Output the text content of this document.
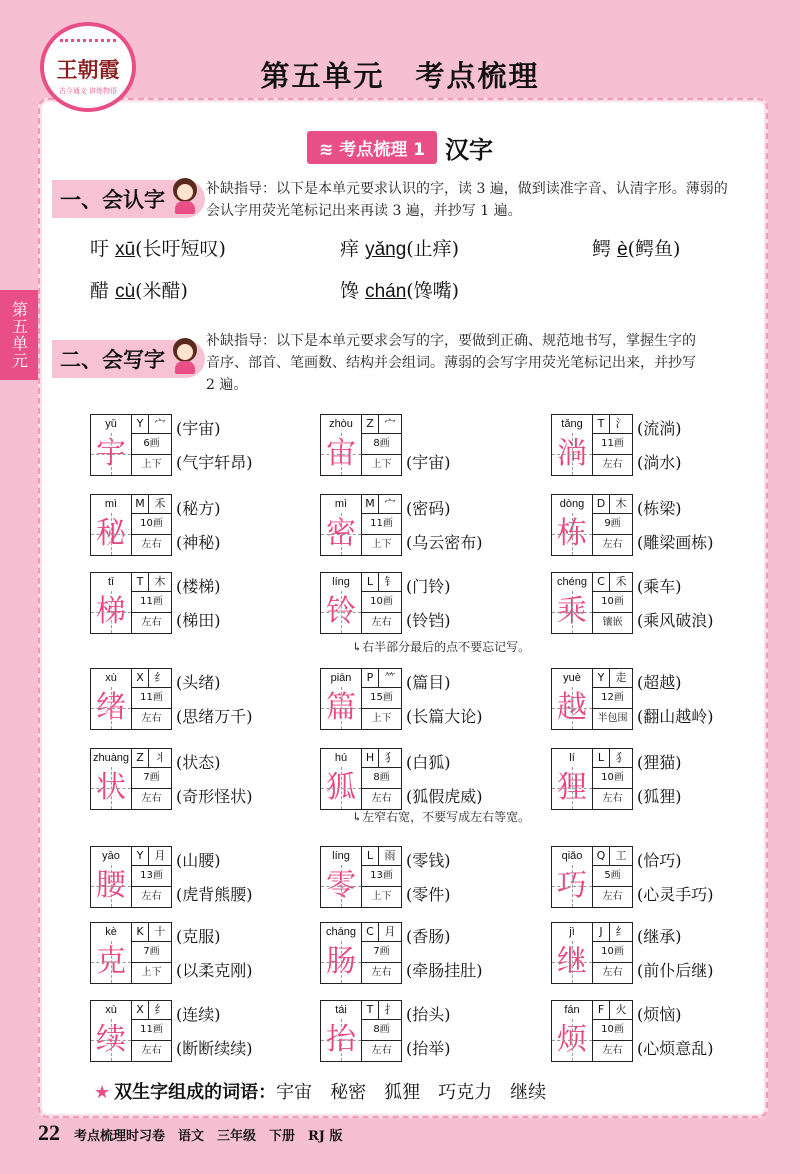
王朝霞
古今通义 讲练物语	第五单元　考点梳理
第五单元
≋ 考点梳理 1 汉字
一、会认字	补缺指导：以下是本单元要求认识的字，读 3 遍，做到读准字音、认清字形。薄弱的
会认字用荧光笔标记出来再读 3 遍，并抄写 1 遍。
吁 xū(长吁短叹)	痒 yǎng(止痒)	鳄 è(鳄鱼)
醋 cù(米醋)	馋 chán(馋嘴)
二、会写字
补缺指导：以下是本单元要求会写的字，要做到正确、规范地书写，掌握生字的
音序、部首、笔画数、结构并会组词。薄弱的会写字用荧光笔标记出来，并抄写
2 遍。
yǔ	Y	宀
宇	6画
上下
(宇宙)
(气宇轩昂)
zhòu	Z 宀
宙	8画
上下 (宇宙)
tǎng	T	氵
淌	11画
左右
(流淌)
(淌水)
mì	M 禾
秘	10画
左右
(秘方)
(神秘)
mì	M 宀
密	11画
上下
(密码)
(乌云密布)
dòng	D 木
栋	9画
左右
(栋梁)
(雕梁画栋)
tī	T	木
梯	11画
左右
(楼梯)
(梯田)
líng	L	钅
铃	10画
左右
(门铃)
(铃铛)
chéng C 禾
乘	10画
镶嵌
(乘车)
(乘风破浪)
xù	X 纟
绪	11画
左右
(头绪)
(思绪万千)
piān	P	⺮
篇	15画
上下
(篇目)
(长篇大论)
yuè	Y	走
越	12画
半包围
(超越)
(翻山越岭)
zhuàng Z 丬
状	7画
左右
(状态)
(奇形怪状)
hú	H 犭
狐	8画
左右
(白狐)
(狐假虎威)
lí	L	犭
狸	10画
左右
(狸猫)
(狐狸)
yāo	Y	月
腰	13画
左右
(山腰)
(虎背熊腰)
líng	L	雨
零	13画
上下
(零钱)
(零件)
qiǎo	Q 工
巧	5画
左右
(恰巧)
(心灵手巧)
kè	K 十
克	7画
上下
(克服)
(以柔克刚)
cháng C 月
肠	7画
左右
(香肠)
(牵肠挂肚)
jì	J	纟
继	10画
左右
(继承)
(前仆后继)
xù	X 纟
续	11画
左右
(连续)
(断断续续)
tái	T	扌
抬	8画
左右
(抬头)
(抬举)
fán	F	火
烦	10画
左右
(烦恼)
(心烦意乱)
↳右半部分最后的点不要忘记写。
↳左窄右宽，不要写成左右等宽。
★ 双生字组成的词语：宇宙　秘密　狐狸　巧克力　继续
22 考点梳理时习卷　语文　三年级　下册　RJ 版
